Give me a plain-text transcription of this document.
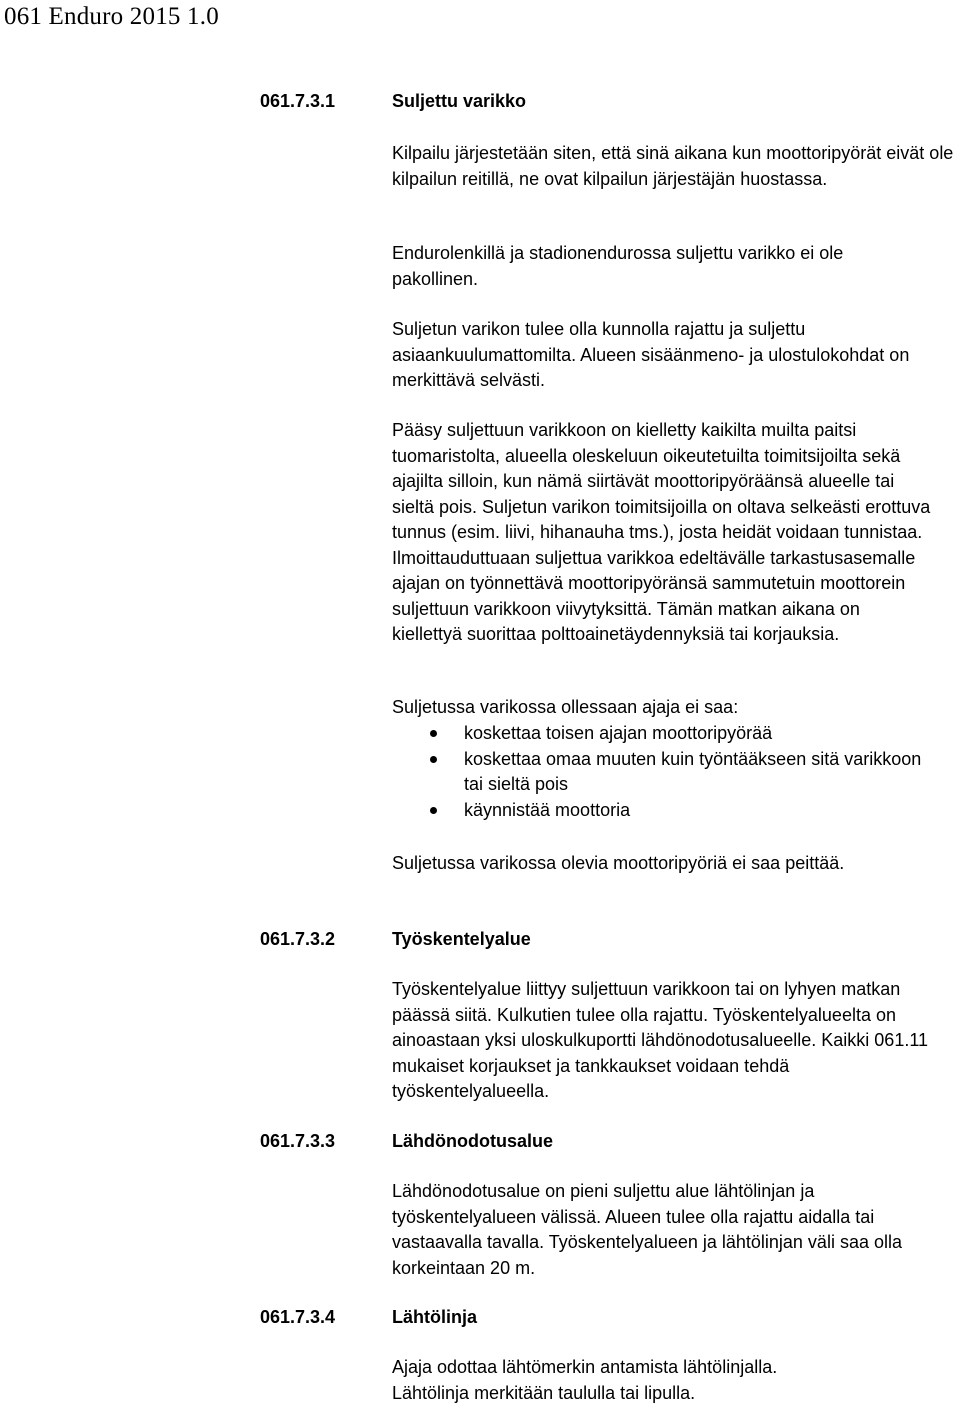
061 Enduro 2015 1.0
061.7.3.1	Suljettu varikko

Kilpailu järjestetään siten, että sinä aikana kun moottoripyörät eivät ole kilpailun reitillä, ne ovat kilpailun järjestäjän huostassa.

Endurolenkillä ja stadionendurossa suljettu varikko ei ole pakollinen.

Suljetun varikon tulee olla kunnolla rajattu ja suljettu asiaankuulumattomilta. Alueen sisäänmeno- ja ulostulokohdat on merkittävä selvästi.

Pääsy suljettuun varikkoon on kielletty kaikilta muilta paitsi tuomaristolta, alueella oleskeluun oikeutetuilta toimitsijoilta sekä ajajilta silloin, kun nämä siirtävät moottoripyöräänsä alueelle tai sieltä pois. Suljetun varikon toimitsijoilla on oltava selkeästi erottuva tunnus (esim. liivi, hihanauha tms.), josta heidät voidaan tunnistaa. Ilmoittauduttuaan suljettua varikkoa edeltävälle tarkastusasemalle ajajan on työnnettävä moottoripyöränsä sammutetuin moottorein suljettuun varikkoon viivytyksittä. Tämän matkan aikana on kiellettyä suorittaa polttoainetäydennyksiä tai korjauksia.

Suljetussa varikossa ollessaan ajaja ei saa:

koskettaa toisen ajajan moottoripyörää
koskettaa omaa muuten kuin työntääkseen sitä varikkoon tai sieltä pois
käynnistää moottoria

Suljetussa varikossa olevia moottoripyöriä ei saa peittää.

061.7.3.2	Työskentelyalue

Työskentelyalue liittyy suljettuun varikkoon tai on lyhyen matkan päässä siitä. Kulkutien tulee olla rajattu. Työskentelyalueelta on ainoastaan yksi uloskulkuportti lähdönodotusalueelle. Kaikki 061.11 mukaiset korjaukset ja tankkaukset voidaan tehdä työskentelyalueella.

061.7.3.3	Lähdönodotusalue

Lähdönodotusalue on pieni suljettu alue lähtölinjan ja työskentelyalueen välissä. Alueen tulee olla rajattu aidalla tai vastaavalla tavalla. Työskentelyalueen ja lähtölinjan väli saa olla korkeintaan 20 m.

061.7.3.4	Lähtölinja

Ajaja odottaa lähtömerkin antamista lähtölinjalla. Lähtölinja merkitään taululla tai lipulla.
